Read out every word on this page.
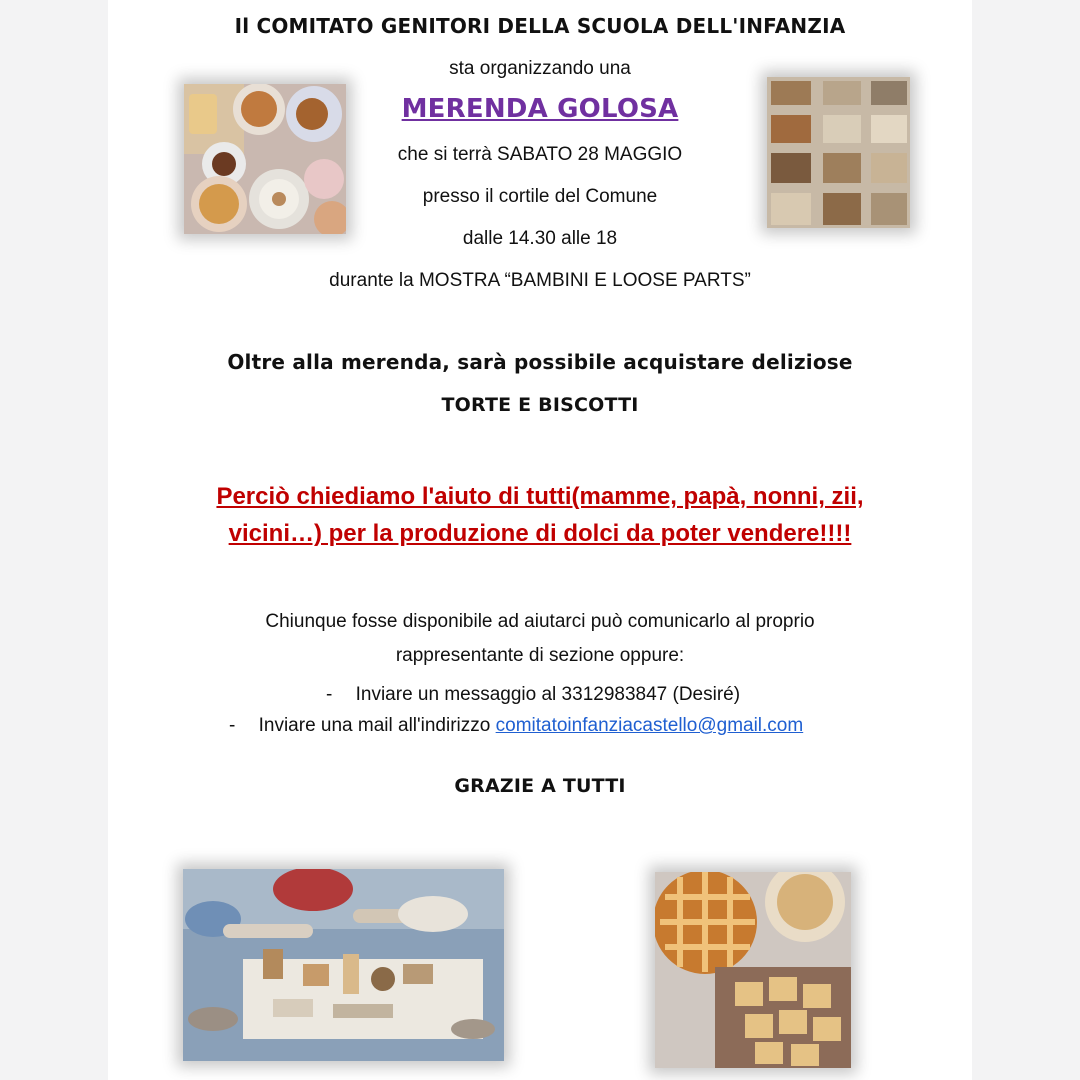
Il COMITATO GENITORI DELLA SCUOLA DELL'INFANZIA
sta organizzando una
MERENDA GOLOSA
che si terrà SABATO 28 MAGGIO
presso il cortile del Comune
dalle 14.30 alle 18
durante la MOSTRA “BAMBINI E LOOSE PARTS”
Oltre alla merenda, sarà possibile acquistare deliziose
TORTE E BISCOTTI
Perciò chiediamo l'aiuto di tutti(mamme, papà, nonni, zii,
vicini…) per la produzione di dolci da poter vendere!!!!
Chiunque fosse disponibile ad aiutarci può comunicarlo al proprio
rappresentante di sezione oppure:
- Inviare un messaggio al 3312983847 (Desiré)
- Inviare una mail all'indirizzo comitatoinfanziacastello@gmail.com
GRAZIE A TUTTI
